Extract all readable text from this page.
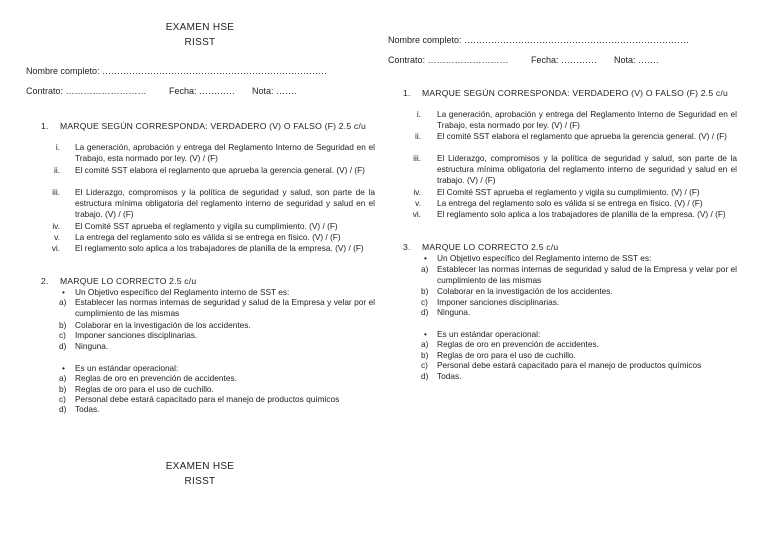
EXAMEN HSE
RISST
Nombre completo: …………………………………………………………………
Contrato: ……………………… Fecha: ………… Nota: …….
1. MARQUE SEGÚN CORRESPONDA: VERDADERO (V) O FALSO (F) 2.5 c/u
i. La generación, aprobación y entrega del Reglamento Interno de Seguridad en el Trabajo, esta normado por ley. (V) / (F)
ii. El comité SST elabora el reglamento que aprueba la gerencia general. (V) / (F)
iii. El Liderazgo, compromisos y la política de seguridad y salud, son parte de la estructura mínima obligatoria del reglamento interno de seguridad y salud en el trabajo. (V) / (F)
iv. El Comité SST aprueba el reglamento y vigila su cumplimiento. (V) / (F)
v. La entrega del reglamento solo es válida si se entrega en físico. (V) / (F)
vi. El reglamento solo aplica a los trabajadores de planilla de la empresa. (V) / (F)
2. MARQUE LO CORRECTO 2.5 c/u
• Un Objetivo específico del Reglamento interno de SST es:
a) Establecer las normas internas de seguridad y salud de la Empresa y velar por el cumplimiento de las mismas
b) Colaborar en la investigación de los accidentes.
c) Imponer sanciones disciplinarias.
d) Ninguna.
• Es un estándar operacional:
a) Reglas de oro en prevención de accidentes.
b) Reglas de oro para el uso de cuchillo.
c) Personal debe estará capacitado para el manejo de productos químicos
d) Todas.
EXAMEN HSE
RISST
Nombre completo: …………………………………………………………………
Contrato: ……………………… Fecha: ………… Nota: …….
1. MARQUE SEGÚN CORRESPONDA: VERDADERO (V) O FALSO (F) 2.5 c/u
i. La generación, aprobación y entrega del Reglamento Interno de Seguridad en el Trabajo, esta normado por ley. (V) / (F)
ii. El comité SST elabora el reglamento que aprueba la gerencia general. (V) / (F)
iii. El Liderazgo, compromisos y la política de seguridad y salud, son parte de la estructura mínima obligatoria del reglamento interno de seguridad y salud en el trabajo. (V) / (F)
iv. El Comité SST aprueba el reglamento y vigila su cumplimiento. (V) / (F)
v. La entrega del reglamento solo es válida si se entrega en físico. (V) / (F)
vi. El reglamento solo aplica a los trabajadores de planilla de la empresa. (V) / (F)
3. MARQUE LO CORRECTO 2.5 c/u
• Un Objetivo específico del Reglamento interno de SST es:
a) Establecer las normas internas de seguridad y salud de la Empresa y velar por el cumplimiento de las mismas
b) Colaborar en la investigación de los accidentes.
c) Imponer sanciones disciplinarias.
d) Ninguna.
• Es un estándar operacional:
a) Reglas de oro en prevención de accidentes.
b) Reglas de oro para el uso de cuchillo.
c) Personal debe estará capacitado para el manejo de productos químicos
d) Todas.
